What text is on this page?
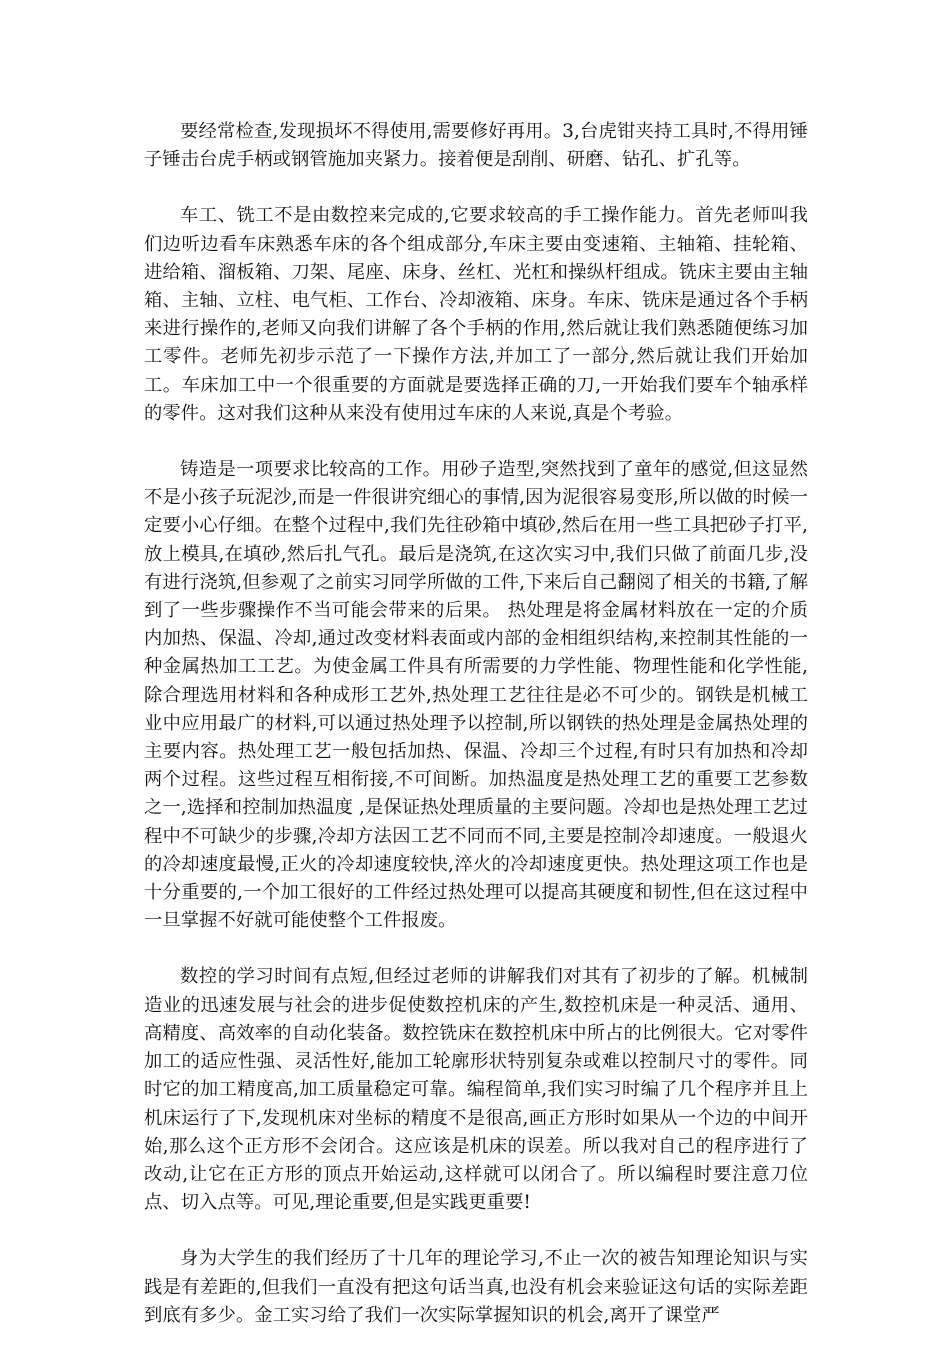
要经常检查,发现损坏不得使用,需要修好再用。3,台虎钳夹持工具时,不得用锤子锤击台虎手柄或钢管施加夹紧力。接着便是刮削、研磨、钻孔、扩孔等。

车工、铣工不是由数控来完成的,它要求较高的手工操作能力。首先老师叫我们边听边看车床熟悉车床的各个组成部分,车床主要由变速箱、主轴箱、挂轮箱、进给箱、溜板箱、刀架、尾座、床身、丝杠、光杠和操纵杆组成。铣床主要由主轴箱、主轴、立柱、电气柜、工作台、冷却液箱、床身。车床、铣床是通过各个手柄来进行操作的,老师又向我们讲解了各个手柄的作用,然后就让我们熟悉随便练习加工零件。老师先初步示范了一下操作方法,并加工了一部分,然后就让我们开始加工。车床加工中一个很重要的方面就是要选择正确的刀,一开始我们要车个轴承样的零件。这对我们这种从来没有使用过车床的人来说,真是个考验。

铸造是一项要求比较高的工作。用砂子造型,突然找到了童年的感觉,但这显然不是小孩子玩泥沙,而是一件很讲究细心的事情,因为泥很容易变形,所以做的时候一定要小心仔细。在整个过程中,我们先往砂箱中填砂,然后在用一些工具把砂子打平,放上模具,在填砂,然后扎气孔。最后是浇筑,在这次实习中,我们只做了前面几步,没有进行浇筑,但参观了之前实习同学所做的工件,下来后自己翻阅了相关的书籍,了解到了一些步骤操作不当可能会带来的后果。 热处理是将金属材料放在一定的介质内加热、保温、冷却,通过改变材料表面或内部的金相组织结构,来控制其性能的一种金属热加工工艺。为使金属工件具有所需要的力学性能、物理性能和化学性能,除合理选用材料和各种成形工艺外,热处理工艺往往是必不可少的。钢铁是机械工业中应用最广的材料,可以通过热处理予以控制,所以钢铁的热处理是金属热处理的主要内容。热处理工艺一般包括加热、保温、冷却三个过程,有时只有加热和冷却两个过程。这些过程互相衔接,不可间断。加热温度是热处理工艺的重要工艺参数之一,选择和控制加热温度 ,是保证热处理质量的主要问题。冷却也是热处理工艺过程中不可缺少的步骤,冷却方法因工艺不同而不同,主要是控制冷却速度。一般退火的冷却速度最慢,正火的冷却速度较快,淬火的冷却速度更快。热处理这项工作也是十分重要的,一个加工很好的工件经过热处理可以提高其硬度和韧性,但在这过程中一旦掌握不好就可能使整个工件报废。

数控的学习时间有点短,但经过老师的讲解我们对其有了初步的了解。机械制造业的迅速发展与社会的进步促使数控机床的产生,数控机床是一种灵活、通用、高精度、高效率的自动化装备。数控铣床在数控机床中所占的比例很大。它对零件加工的适应性强、灵活性好,能加工轮廓形状特别复杂或难以控制尺寸的零件。同时它的加工精度高,加工质量稳定可靠。编程简单,我们实习时编了几个程序并且上机床运行了下,发现机床对坐标的精度不是很高,画正方形时如果从一个边的中间开始,那么这个正方形不会闭合。这应该是机床的误差。所以我对自己的程序进行了改动,让它在正方形的顶点开始运动,这样就可以闭合了。所以编程时要注意刀位点、切入点等。可见,理论重要,但是实践更重要!

身为大学生的我们经历了十几年的理论学习,不止一次的被告知理论知识与实践是有差距的,但我们一直没有把这句话当真,也没有机会来验证这句话的实际差距到底有多少。金工实习给了我们一次实际掌握知识的机会,离开了课堂严
